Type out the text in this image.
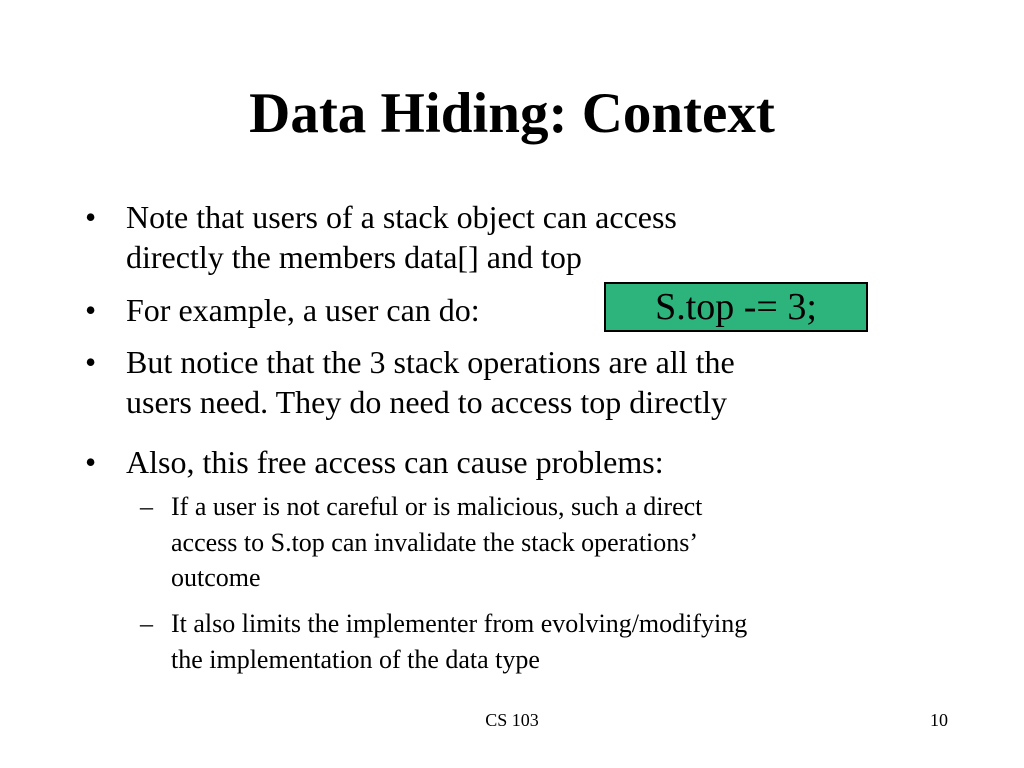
Data Hiding: Context
• Note that users of a stack object can access
directly the members data[] and top
• For example, a user can do:	S.top -= 3;
• But notice that the 3 stack operations are all the
users need. They do need to access top directly
• Also, this free access can cause problems:
– If a user is not careful or is malicious, such a direct
access to S.top can invalidate the stack operations’
outcome
– It also limits the implementer from evolving/modifying
the implementation of the data type
CS 103	10
